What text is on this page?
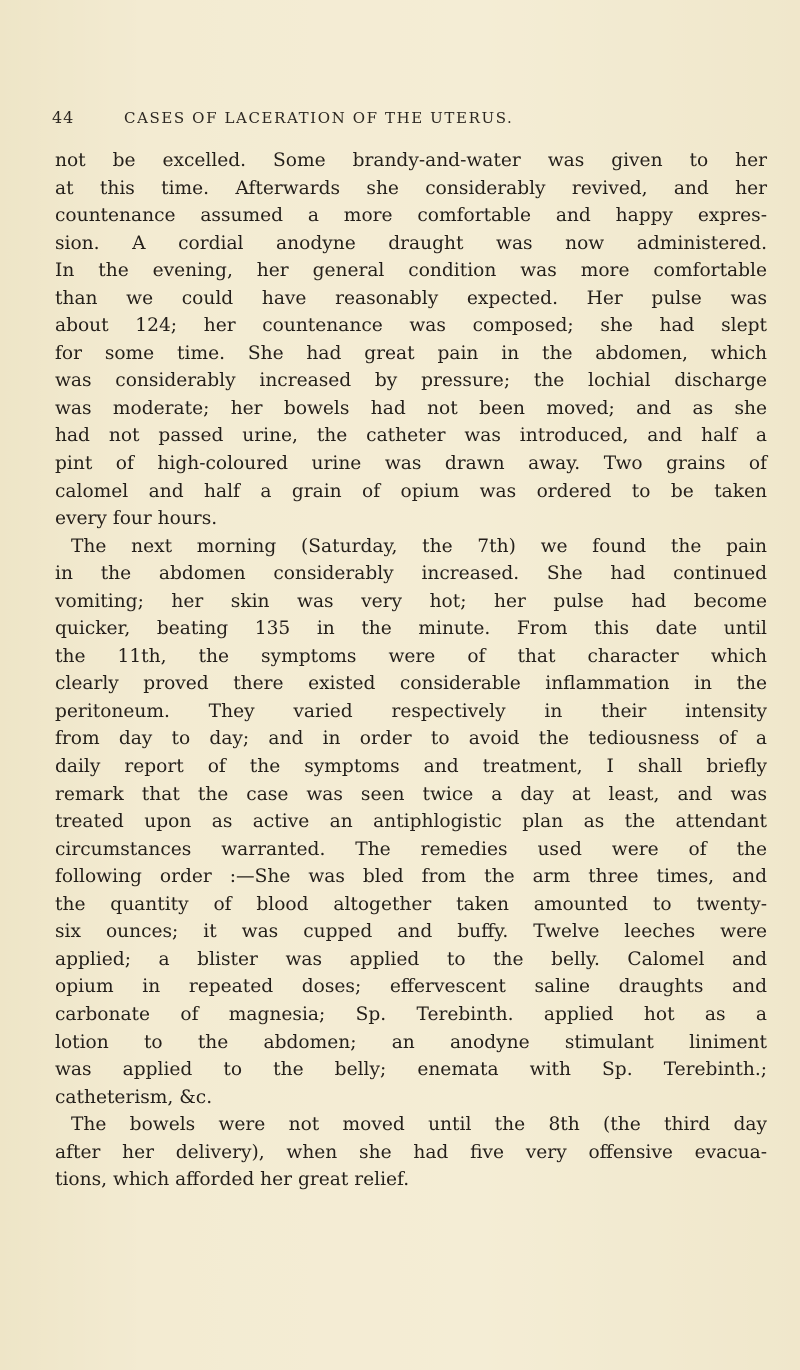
44	CASES OF LACERATION OF THE UTERUS.
not be excelled. Some brandy-and-water was given to her
at this time. Afterwards she considerably revived, and her
countenance assumed a more comfortable and happy expres-
sion. A cordial anodyne draught was now administered.
In the evening, her general condition was more comfortable
than we could have reasonably expected. Her pulse was
about 124; her countenance was composed; she had slept
for some time. She had great pain in the abdomen, which
was considerably increased by pressure; the lochial discharge
was moderate; her bowels had not been moved; and as she
had not passed urine, the catheter was introduced, and half a
pint of high-coloured urine was drawn away. Two grains of
calomel and half a grain of opium was ordered to be taken
every four hours.
The next morning (Saturday, the 7th) we found the pain
in the abdomen considerably increased. She had continued
vomiting; her skin was very hot; her pulse had become
quicker, beating 135 in the minute. From this date until
the 11th, the symptoms were of that character which
clearly proved there existed considerable inflammation in the
peritoneum. They varied respectively in their intensity
from day to day; and in order to avoid the tediousness of a
daily report of the symptoms and treatment, I shall briefly
remark that the case was seen twice a day at least, and was
treated upon as active an antiphlogistic plan as the attendant
circumstances warranted. The remedies used were of the
following order :—She was bled from the arm three times, and
the quantity of blood altogether taken amounted to twenty-
six ounces; it was cupped and buffy. Twelve leeches were
applied; a blister was applied to the belly. Calomel and
opium in repeated doses; effervescent saline draughts and
carbonate of magnesia; Sp. Terebinth. applied hot as a
lotion to the abdomen; an anodyne stimulant liniment
was applied to the belly; enemata with Sp. Terebinth.;
catheterism, &c.
The bowels were not moved until the 8th (the third day
after her delivery), when she had five very offensive evacua-
tions, which afforded her great relief.
